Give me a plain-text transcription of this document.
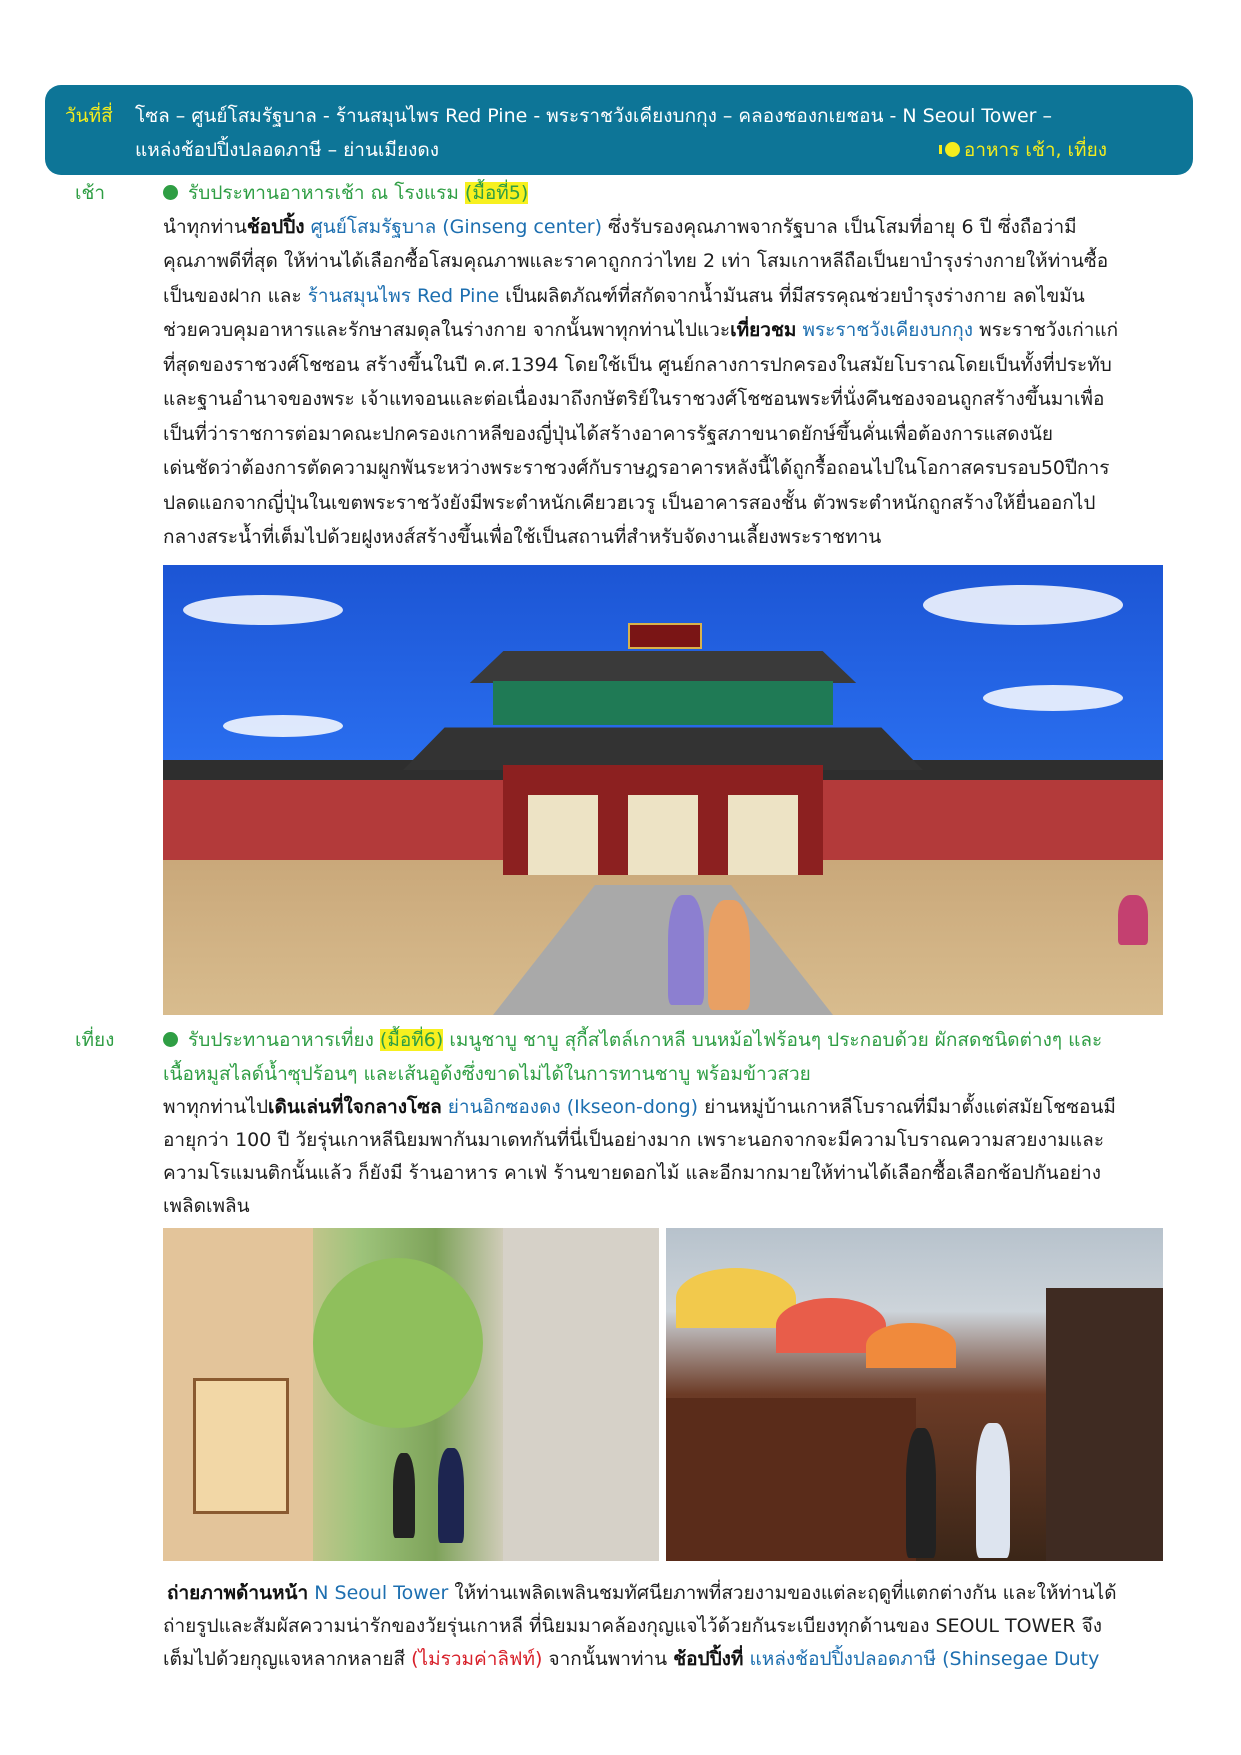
วันที่สี่ โซล – ศูนย์โสมรัฐบาล - ร้านสมุนไพร Red Pine - พระราชวังเคียงบกกุง – คลองชองกเยชอน - N Seoul Tower –
แหล่งช้อปปิ้งปลอดภาษี – ย่านเมียงดง	อาหาร เช้า, เที่ยง
เช้า	รับประทานอาหารเช้า ณ โรงแรม (มื้อที่5)
นำทุกท่านช้อปปิ้ง ศูนย์โสมรัฐบาล (Ginseng center) ซึ่งรับรองคุณภาพจากรัฐบาล เป็นโสมที่อายุ 6 ปี ซึ่งถือว่ามี
คุณภาพดีที่สุด ให้ท่านได้เลือกซื้อโสมคุณภาพและราคาถูกกว่าไทย 2 เท่า โสมเกาหลีถือเป็นยาบำรุงร่างกายให้ท่านซื้อ
เป็นของฝาก และ ร้านสมุนไพร Red Pine เป็นผลิตภัณฑ์ที่สกัดจากน้ำมันสน ที่มีสรรคุณช่วยบำรุงร่างกาย ลดไขมัน
ช่วยควบคุมอาหารและรักษาสมดุลในร่างกาย จากนั้นพาทุกท่านไปแวะเที่ยวชม พระราชวังเคียงบกกุง พระราชวังเก่าแก่
ที่สุดของราชวงศ์โชซอน สร้างขึ้นในปี ค.ศ.1394 โดยใช้เป็น ศูนย์กลางการปกครองในสมัยโบราณโดยเป็นทั้งที่ประทับ
และฐานอำนาจของพระ เจ้าแทจอนและต่อเนื่องมาถึงกษัตริย์ในราชวงศ์โชซอนพระที่นั่งคึนชองจอนถูกสร้างขึ้นมาเพื่อ
เป็นที่ว่าราชการต่อมาคณะปกครองเกาหลีของญี่ปุ่นได้สร้างอาคารรัฐสภาขนาดยักษ์ขึ้นคั่นเพื่อต้องการแสดงนัย
เด่นชัดว่าต้องการตัดความผูกพันระหว่างพระราชวงศ์กับราษฎรอาคารหลังนี้ได้ถูกรื้อถอนไปในโอกาสครบรอบ50ปีการ
ปลดแอกจากญี่ปุ่นในเขตพระราชวังยังมีพระตำหนักเคียวฮเวรู เป็นอาคารสองชั้น ตัวพระตำหนักถูกสร้างให้ยื่นออกไป
กลางสระน้ำที่เต็มไปด้วยฝูงหงส์สร้างขึ้นเพื่อใช้เป็นสถานที่สำหรับจัดงานเลี้ยงพระราชทาน
เที่ยง	รับประทานอาหารเที่ยง (มื้อที่6) เมนูชาบู ชาบู สุกี้สไตล์เกาหลี บนหม้อไฟร้อนๆ ประกอบด้วย ผักสดชนิดต่างๆ และ
เนื้อหมูสไลด์น้ำซุปร้อนๆ และเส้นอูด้งซึ่งขาดไม่ได้ในการทานชาบู พร้อมข้าวสวย
พาทุกท่านไปเดินเล่นที่ใจกลางโซล ย่านอิกซองดง (Ikseon-dong) ย่านหมู่บ้านเกาหลีโบราณที่มีมาตั้งแต่สมัยโชซอนมี
อายุกว่า 100 ปี วัยรุ่นเกาหลีนิยมพากันมาเดทกันที่นี่เป็นอย่างมาก เพราะนอกจากจะมีความโบราณความสวยงามและ
ความโรแมนติกนั้นแล้ว ก็ยังมี ร้านอาหาร คาเฟ่ ร้านขายดอกไม้ และอีกมากมายให้ท่านได้เลือกซื้อเลือกช้อปกันอย่าง
เพลิดเพลิน
ถ่ายภาพด้านหน้า N Seoul Tower ให้ท่านเพลิดเพลินชมทัศนียภาพที่สวยงามของแต่ละฤดูที่แตกต่างกัน และให้ท่านได้
ถ่ายรูปและสัมผัสความน่ารักของวัยรุ่นเกาหลี ที่นิยมมาคล้องกุญแจไว้ด้วยกันระเบียงทุกด้านของ SEOUL TOWER จึง
เต็มไปด้วยกุญแจหลากหลายสี (ไม่รวมค่าลิฟท์) จากนั้นพาท่าน ช้อปปิ้งที่ แหล่งช้อปปิ้งปลอดภาษี (Shinsegae Duty
